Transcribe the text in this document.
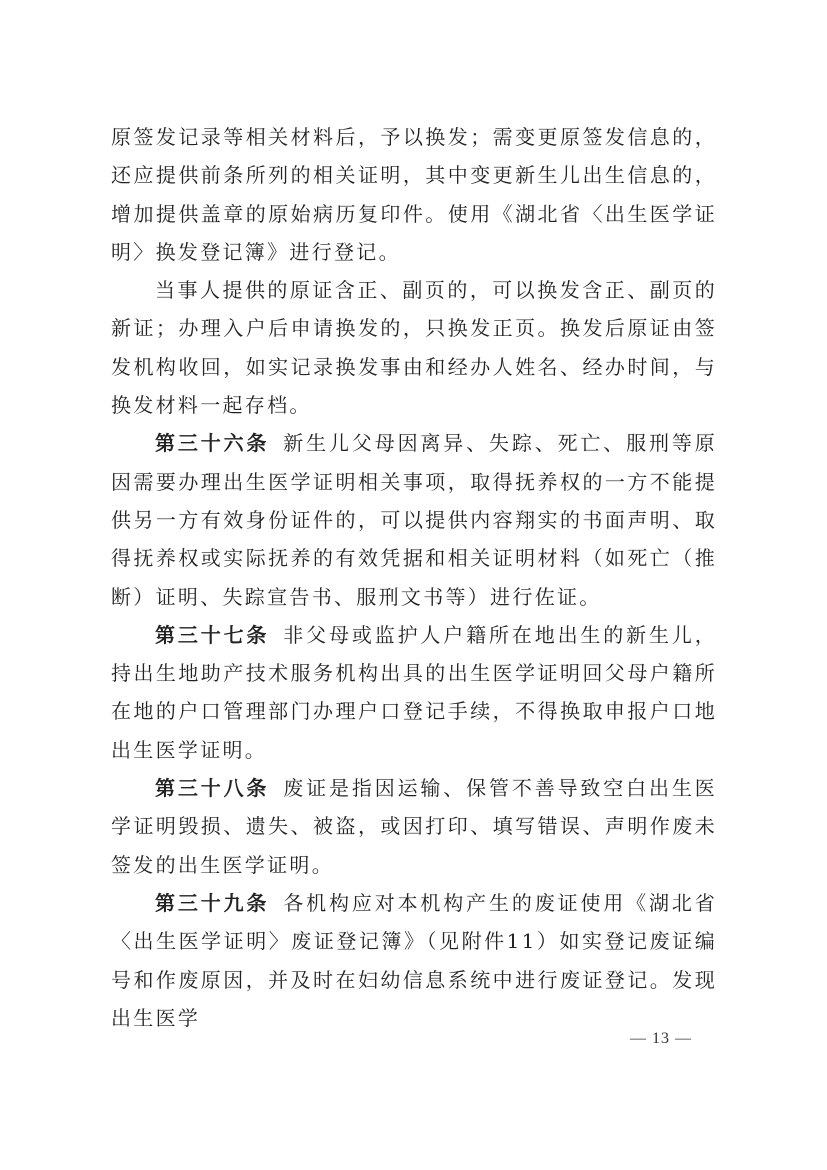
原签发记录等相关材料后，予以换发；需变更原签发信息的，还应提供前条所列的相关证明，其中变更新生儿出生信息的，增加提供盖章的原始病历复印件。使用《湖北省〈出生医学证明〉换发登记簿》进行登记。

当事人提供的原证含正、副页的，可以换发含正、副页的新证；办理入户后申请换发的，只换发正页。换发后原证由签发机构收回，如实记录换发事由和经办人姓名、经办时间，与换发材料一起存档。

第三十六条 新生儿父母因离异、失踪、死亡、服刑等原因需要办理出生医学证明相关事项，取得抚养权的一方不能提供另一方有效身份证件的，可以提供内容翔实的书面声明、取得抚养权或实际抚养的有效凭据和相关证明材料（如死亡（推断）证明、失踪宣告书、服刑文书等）进行佐证。

第三十七条 非父母或监护人户籍所在地出生的新生儿，持出生地助产技术服务机构出具的出生医学证明回父母户籍所在地的户口管理部门办理户口登记手续，不得换取申报户口地出生医学证明。

第三十八条 废证是指因运输、保管不善导致空白出生医学证明毁损、遗失、被盗，或因打印、填写错误、声明作废未签发的出生医学证明。

第三十九条 各机构应对本机构产生的废证使用《湖北省〈出生医学证明〉废证登记簿》（见附件11）如实登记废证编号和作废原因，并及时在妇幼信息系统中进行废证登记。发现出生医学

— 13 —
